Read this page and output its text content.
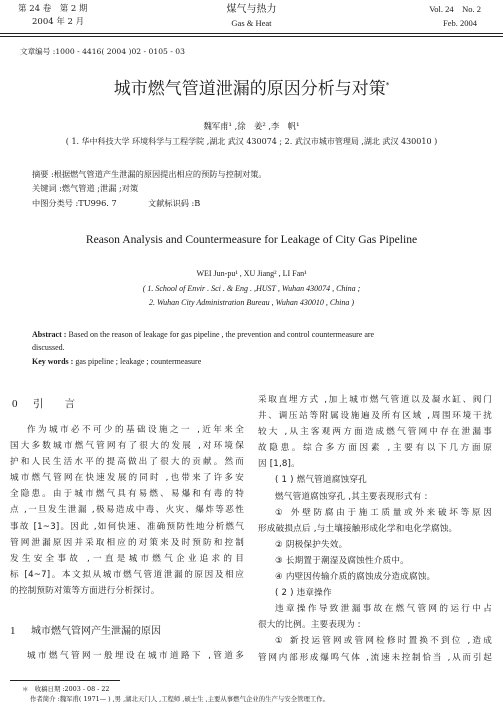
第 24 卷　第 2 期
2004 年 2 月
煤气与热力
Gas & Heat
Vol. 24　No. 2
Feb. 2004
文章编号 :1000 - 4416( 2004 )02 - 0105 - 03
城市燃气管道泄漏的原因分析与对策*
魏军甫¹ ,徐　姜² ,李　帆¹
( 1. 华中科技大学 环境科学与工程学院 ,湖北 武汉 430074 ; 2. 武汉市城市管理局 ,湖北 武汉 430010 )
摘要 :根据燃气管道产生泄漏的原因提出相应的预防与控制对策。
关键词 :燃气管道 ;泄漏 ;对策
中图分类号 :TU996. 7	文献标识码 :B
Reason Analysis and Countermeasure for Leakage of City Gas Pipeline
WEI Jun-pu¹ , XU Jiang² , LI Fan¹
( 1. School of Envir . Sci . & Eng . ,HUST , Wuhan 430074 , China ;
2. Wuhan City Administration Bureau , Wuhan 430010 , China )
Abstract : Based on the reason of leakage for gas pipeline , the prevention and control countermeasure are
discussed.
Key words : gas pipeline ; leakage ; countermeasure
0 引　　言
作为城市必不可少的基础设施之一 ,近年来全
国大多数城市燃气管网有了很大的发展 ,对环境保
护和人民生活水平的提高做出了很大的贡献。然而
城市燃气管网在快速发展的同时 ,也带来了许多安
全隐患。由于城市燃气具有易燃、易爆和有毒的特
点 ,一旦发生泄漏 ,极易造成中毒、火灾、爆炸等恶性
事故 [1~3]。因此 ,如何快速、准确预防性地分析燃气
管网泄漏原因并采取相应的对策来及时预防和控制
发生安全事故 ,一直是城市燃气企业追求的目
标 [4~7]。本文拟从城市燃气管道泄漏的原因及相应
的控制预防对策等方面进行分析探讨。
1 城市燃气管网产生泄漏的原因
城市燃气管网一般埋设在城市道路下 ,管道多
采取直埋方式 ,加上城市燃气管道以及凝水缸、阀门
井、调压站等附属设施遍及所有区域 ,周围环境干扰
较大 ,从主客观两方面造成燃气管网中存在泄漏事
故隐患。综合多方面因素 ,主要有以下几方面原
因 [1,8]。
( 1 ) 燃气管道腐蚀穿孔
燃气管道腐蚀穿孔 ,其主要表现形式有 :
① 外壁防腐由于施工质量或外来破坏等原因
形成破损点后 ,与土壤接触形成化学和电化学腐蚀。
② 阴极保护失效。
③ 长期置于潮湿及腐蚀性介质中。
④ 内壁因传输介质的腐蚀成分造成腐蚀。
( 2 ) 违章操作
违章操作导致泄漏事故在燃气管网的运行中占
很大的比例。主要表现为 :
① 新投运管网或管网检修时置换不到位 ,造成
管网内部形成爆鸣气体 ,流速未控制恰当 ,从而引起
＊　收稿日期 :2003 - 08 - 22
作者简介 :魏军甫( 1971— ) ,男 ,湖北天门人 ,工程师 ,硕士生 ,主要从事燃气企业的生产与安全管理工作。
